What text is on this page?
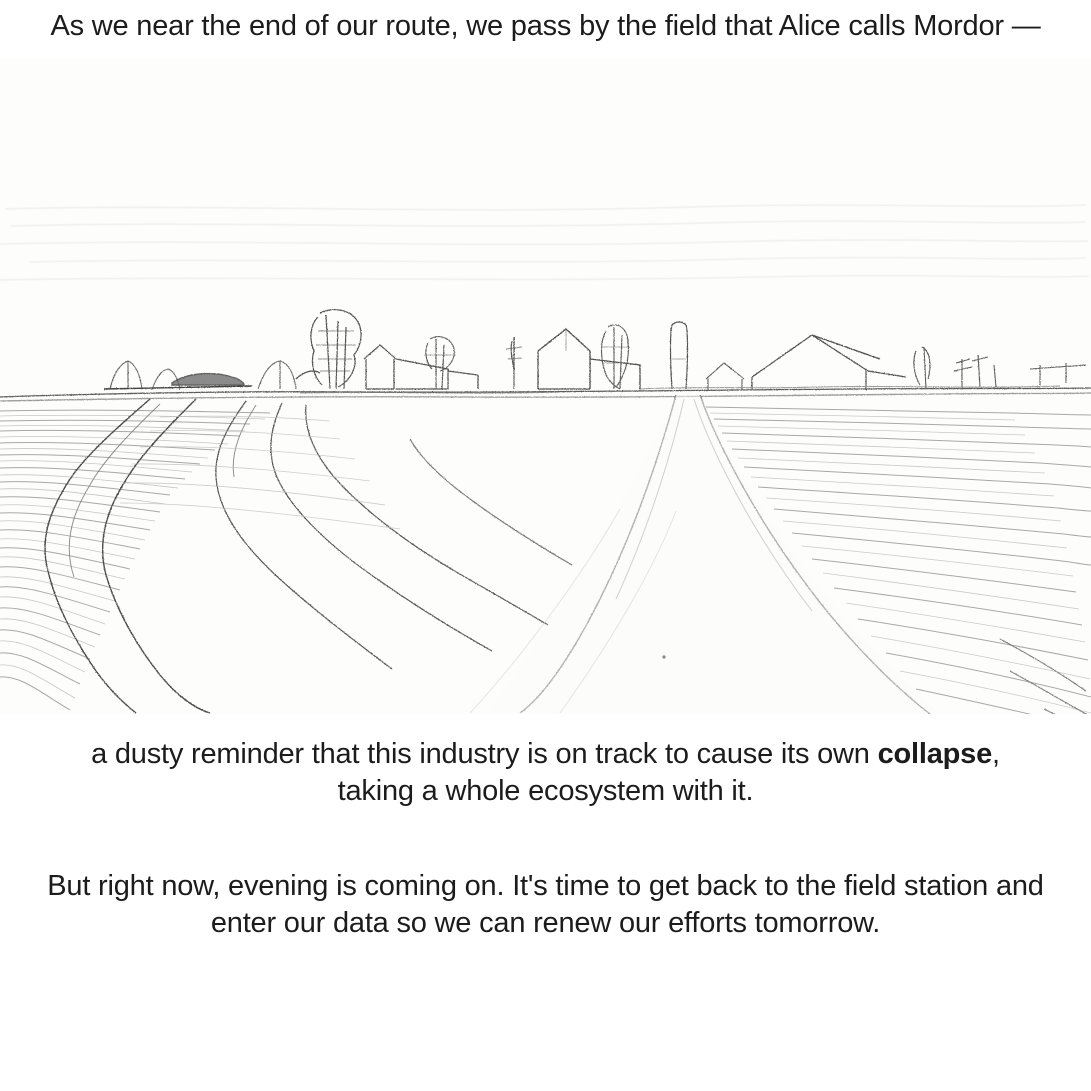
As we near the end of our route, we pass by the field that Alice calls Mordor —
a dusty reminder that this industry is on track to cause its own collapse, taking a whole ecosystem with it.
But right now, evening is coming on. It's time to get back to the field station and enter our data so we can renew our efforts tomorrow.
